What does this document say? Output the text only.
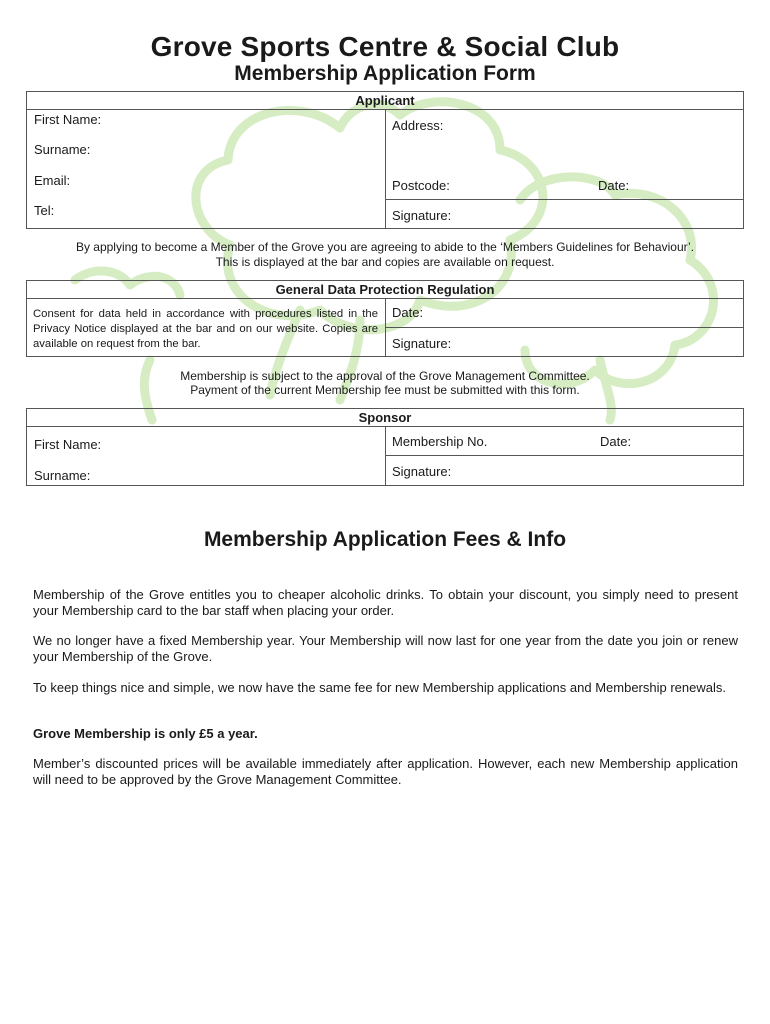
Grove Sports Centre & Social Club
Membership Application Form
Applicant
First Name:
Surname:
Email:
Tel:
Address:
Postcode:	Date:
Signature:
By applying to become a Member of the Grove you are agreeing to abide to the ‘Members Guidelines for Behaviour’.
This is displayed at the bar and copies are available on request.
General Data Protection Regulation
Consent for data held in accordance with procedures listed in the Privacy Notice displayed at the bar and on our website. Copies are available on request from the bar.
Date:
Signature:
Membership is subject to the approval of the Grove Management Committee.
Payment of the current Membership fee must be submitted with this form.
Sponsor
First Name:
Surname:
Membership No.	Date:
Signature:
Membership Application Fees & Info
Membership of the Grove entitles you to cheaper alcoholic drinks. To obtain your discount, you simply need to present your Membership card to the bar staff when placing your order.
We no longer have a fixed Membership year. Your Membership will now last for one year from the date you join or renew your Membership of the Grove.
To keep things nice and simple, we now have the same fee for new Membership applications and Membership renewals.
Grove Membership is only £5 a year.
Member’s discounted prices will be available immediately after application. However, each new Membership application will need to be approved by the Grove Management Committee.
